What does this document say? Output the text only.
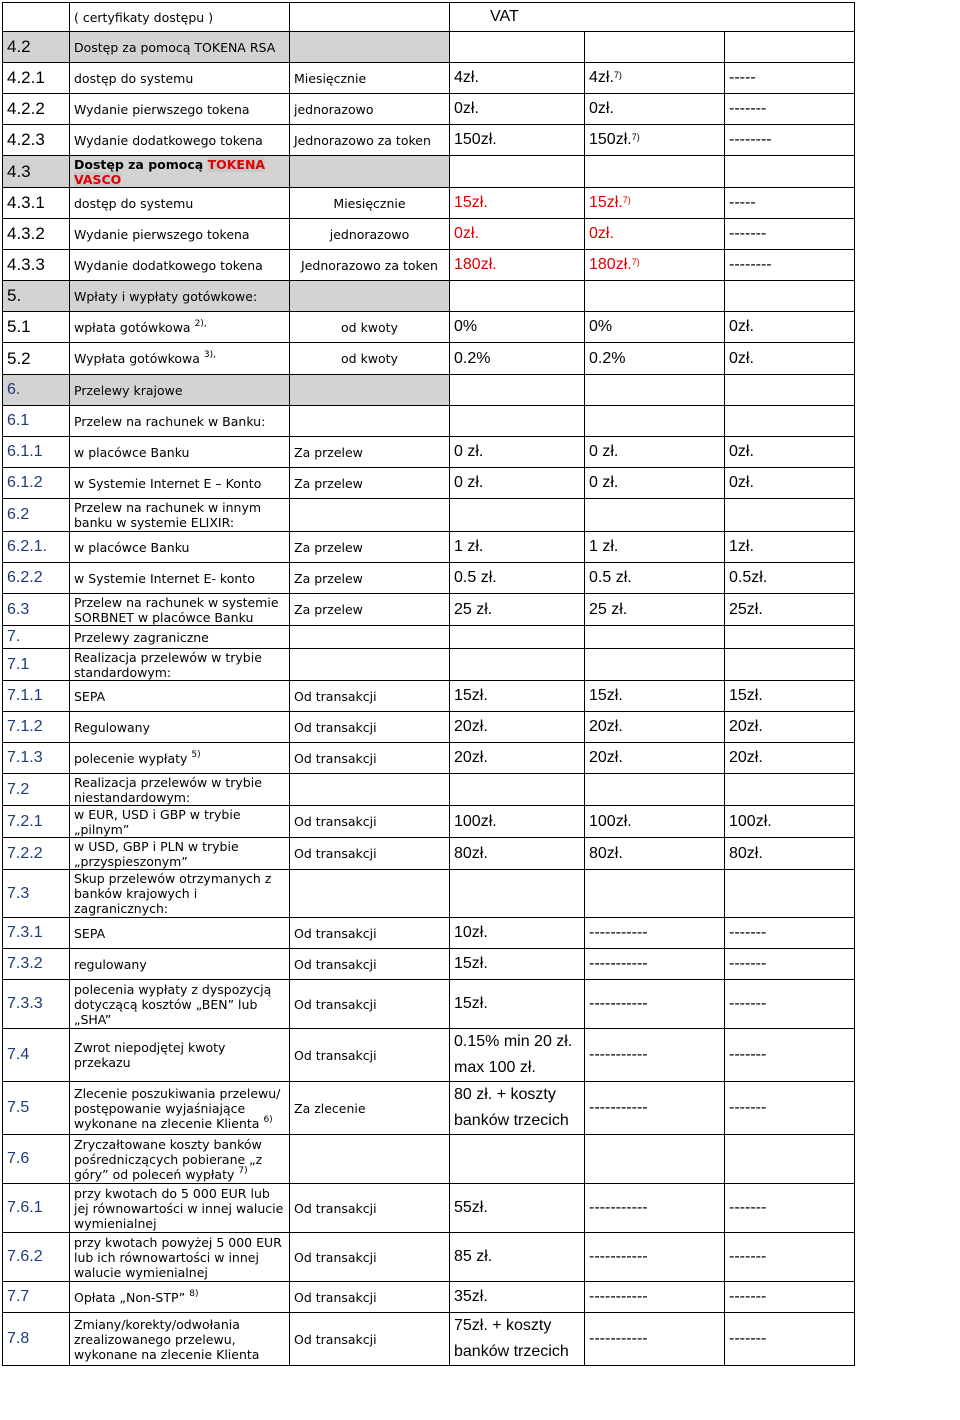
	( certyfikaty dostępu )		VAT		
4.2	Dostęp za pomocą TOKENA RSA				
4.2.1	dostęp do systemu	Miesięcznie	4zł.	4zł.$^{7)}$	-----
4.2.2	Wydanie pierwszego tokena	jednorazowo	0zł.	0zł.	-------
4.2.3	Wydanie dodatkowego tokena	Jednorazowo za token	150zł.	150zł.$^{7)}$	--------
4.3	Dostęp za pomocą TOKENA VASCO				
4.3.1	dostęp do systemu	Miesięcznie	15zł.	15zł.$^{7)}$	-----
4.3.2	Wydanie pierwszego tokena	jednorazowo	0zł.	0zł.	-------
4.3.3	Wydanie dodatkowego tokena	Jednorazowo za token	180zł.	180zł.$^{7)}$	--------
5.	Wpłaty i wypłaty gotówkowe:				
5.1	wpłata gotówkowa $^{2),}$	od kwoty	0%	0%	0zł.
5.2	Wypłata gotówkowa $^{3),}$	od kwoty	0.2%	0.2%	0zł.
6.	Przelewy krajowe				
6.1	Przelew na rachunek w Banku:				
6.1.1	w placówce Banku	Za przelew	0 zł.	0 zł.	0zł.
6.1.2	w Systemie Internet E – Konto	Za przelew	0 zł.	0 zł.	0zł.
6.2	Przelew na rachunek w innym banku w systemie ELIXIR:				
6.2.1.	w placówce Banku	Za przelew	1 zł.	1 zł.	1zł.
6.2.2	w Systemie Internet E- konto	Za przelew	0.5 zł.	0.5 zł.	0.5zł.
6.3	Przelew na rachunek w systemie SORBNET w placówce Banku	Za przelew	25 zł.	25 zł.	25zł.
7.	Przelewy zagraniczne				
7.1	Realizacja przelewów w trybie standardowym:				
7.1.1	SEPA	Od transakcji	15zł.	15zł.	15zł.
7.1.2	Regulowany	Od transakcji	20zł.	20zł.	20zł.
7.1.3	polecenie wypłaty $^{5)}$	Od transakcji	20zł.	20zł.	20zł.
7.2	Realizacja przelewów w trybie niestandardowym:				
7.2.1	w EUR, USD i GBP w trybie „pilnym”	Od transakcji	100zł.	100zł.	100zł.
7.2.2	w USD, GBP i PLN w trybie „przyspieszonym”	Od transakcji	80zł.	80zł.	80zł.
7.3	Skup przelewów otrzymanych z banków krajowych i zagranicznych:				
7.3.1	SEPA	Od transakcji	10zł.	-----------	-------
7.3.2	regulowany	Od transakcji	15zł.	-----------	-------
7.3.3	polecenia wypłaty z dyspozycją dotyczącą kosztów „BEN” lub „SHA”	Od transakcji	15zł.	-----------	-------
7.4	Zwrot niepodjętej kwoty przekazu	Od transakcji	0.15% min 20 zł.
max 100 zł.	-----------	-------
7.5	Zlecenie poszukiwania przelewu/ postępowanie wyjaśniające wykonane na zlecenie Klienta $^{6)}$	Za zlecenie	80 zł. + koszty
banków trzecich	-----------	-------
7.6	Zryczałtowane koszty banków pośredniczących pobierane „z góry” od poleceń wypłaty $^{7)}$				
7.6.1	przy kwotach do 5 000 EUR lub jej równowartości w innej walucie wymienialnej	Od transakcji	55zł.	-----------	-------
7.6.2	przy kwotach powyżej 5 000 EUR lub ich równowartości w innej walucie wymienialnej	Od transakcji	85 zł.	-----------	-------
7.7	Opłata „Non-STP” $^{8)}$	Od transakcji	35zł.	-----------	-------
7.8	Zmiany/korekty/odwołania zrealizowanego przelewu, wykonane na zlecenie Klienta	Od transakcji	75zł. + koszty
banków trzecich	-----------	-------
